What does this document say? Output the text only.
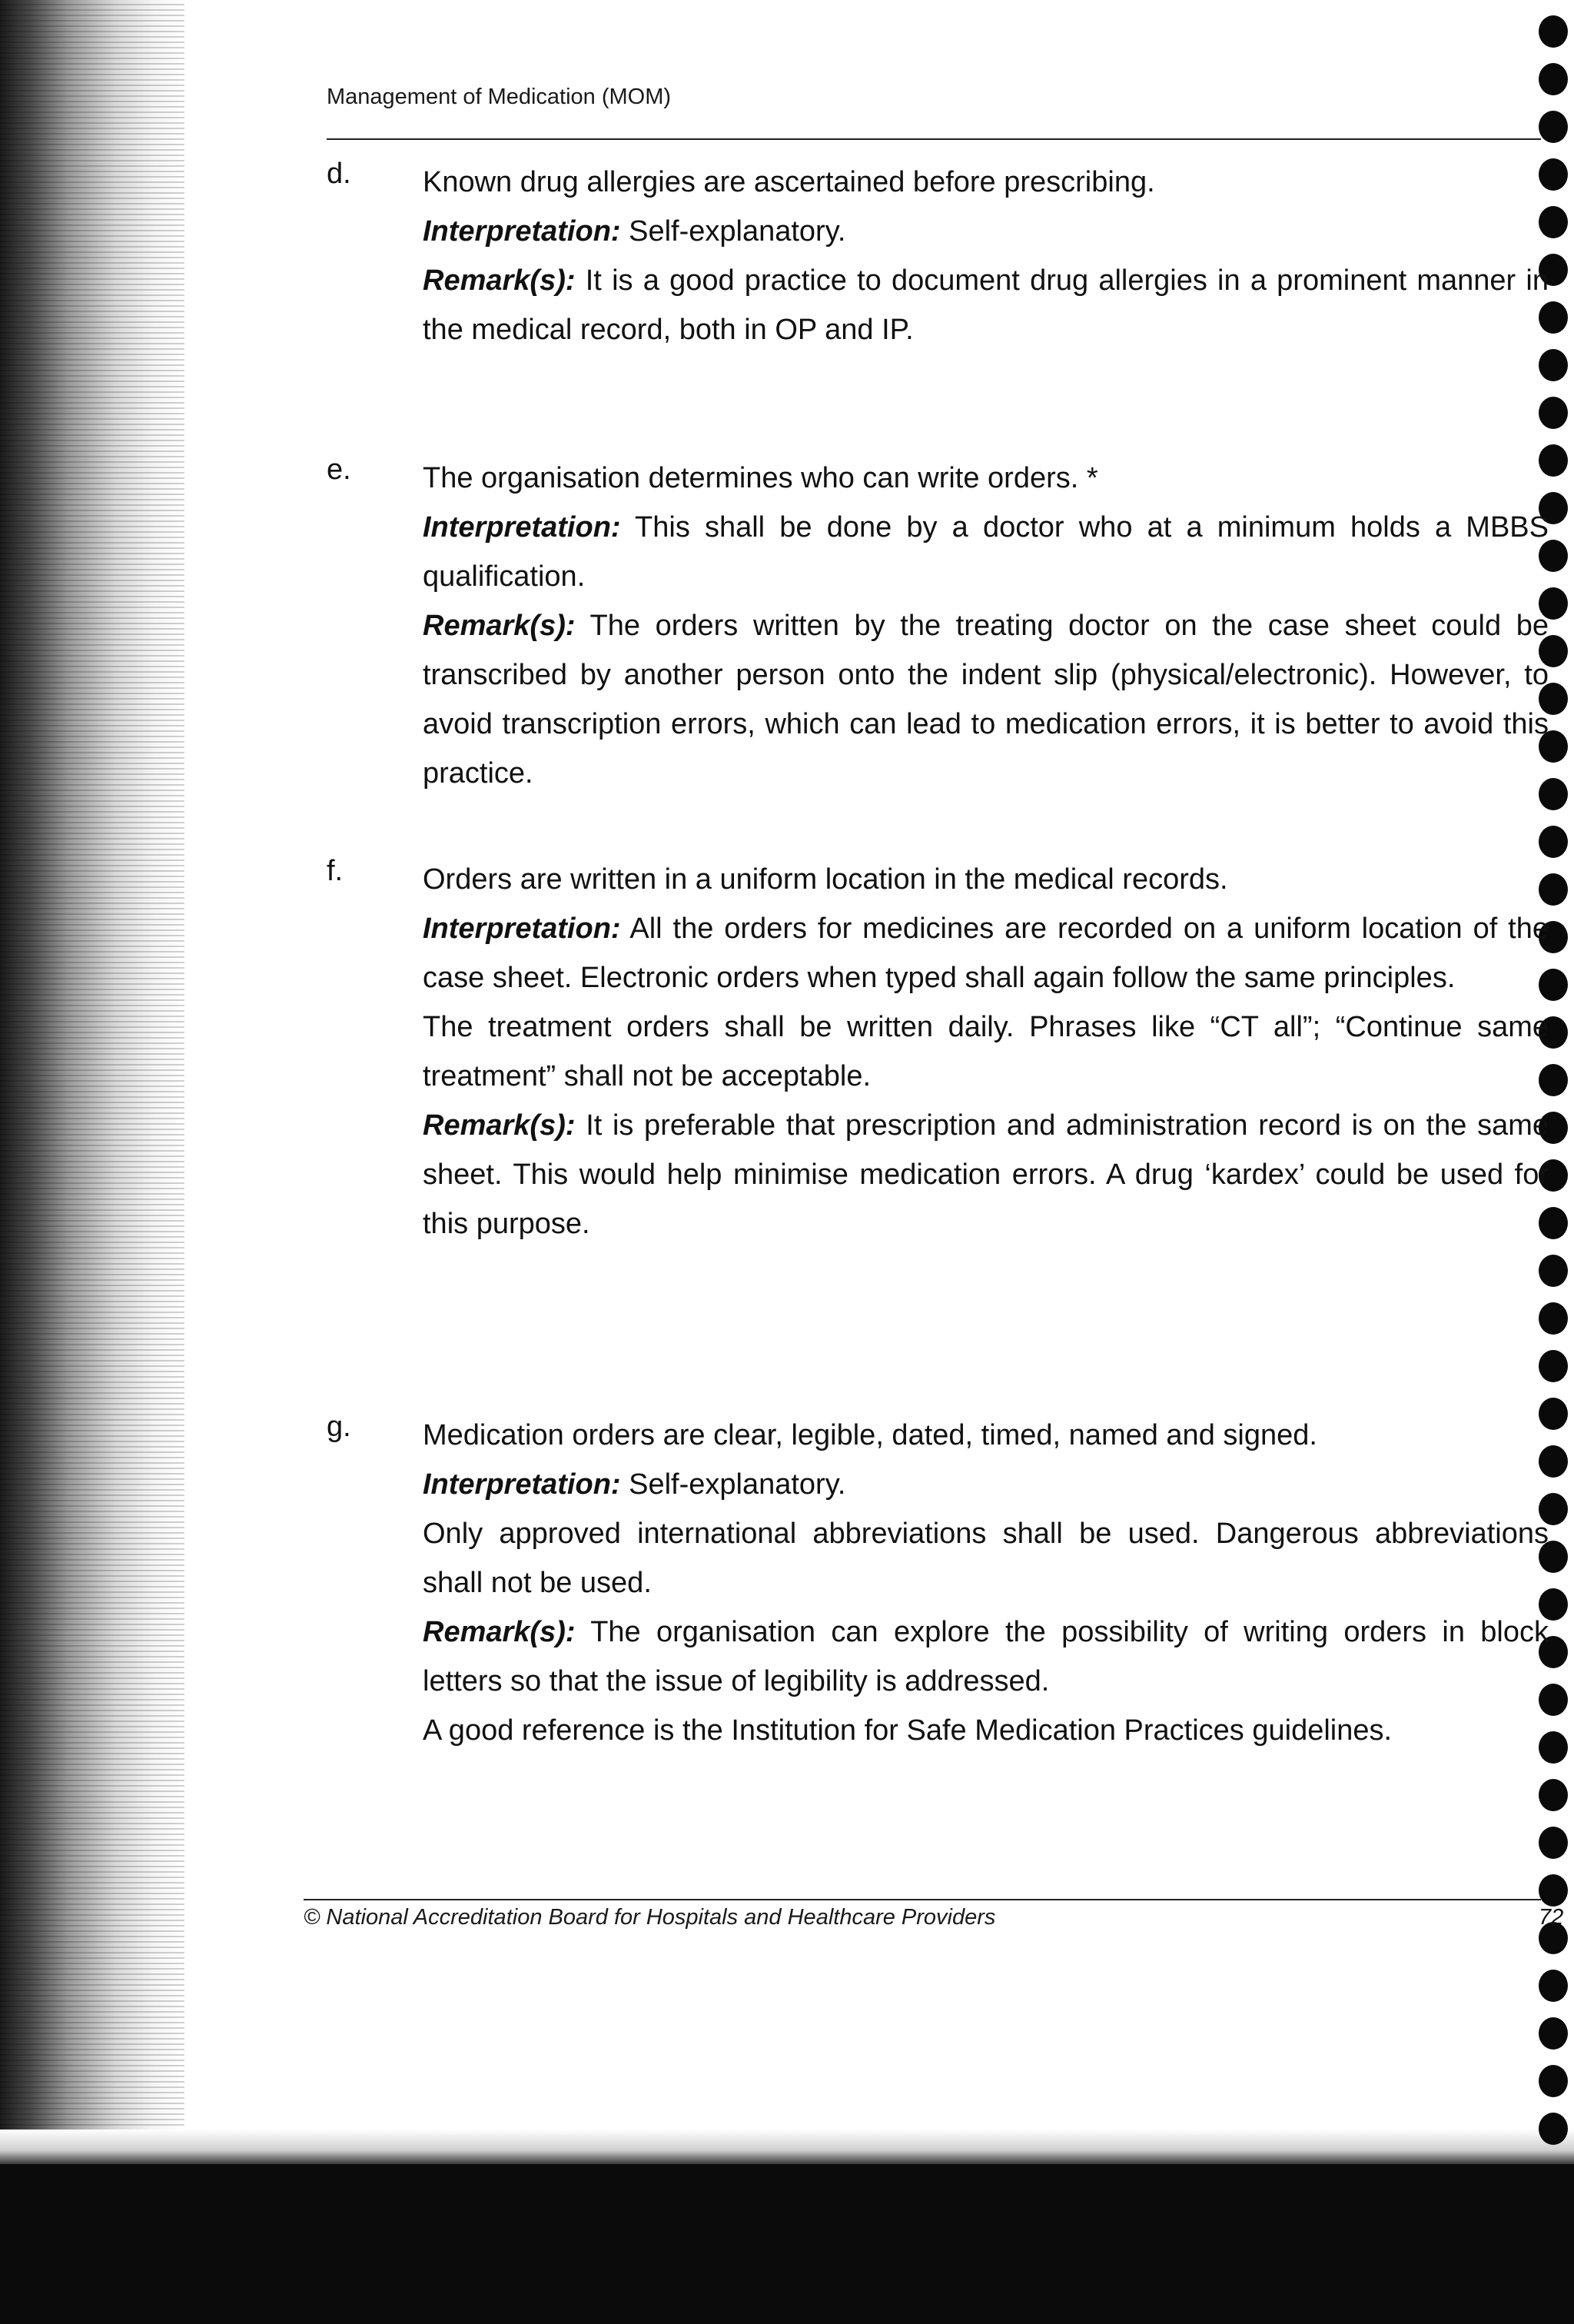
Management of Medication (MOM)
d. Known drug allergies are ascertained before prescribing.

Interpretation: Self-explanatory.

Remark(s): It is a good practice to document drug allergies in a prominent manner in the medical record, both in OP and IP.

e. The organisation determines who can write orders. *

Interpretation: This shall be done by a doctor who at a minimum holds a MBBS qualification.

Remark(s): The orders written by the treating doctor on the case sheet could be transcribed by another person onto the indent slip (physical/electronic). However, to avoid transcription errors, which can lead to medication errors, it is better to avoid this practice.

f.	Orders are written in a uniform location in the medical records.

Interpretation: All the orders for medicines are recorded on a uniform location of the case sheet. Electronic orders when typed shall again follow the same principles.

The treatment orders shall be written daily. Phrases like “CT all”; “Continue same treatment” shall not be acceptable.

Remark(s): It is preferable that prescription and administration record is on the same sheet. This would help minimise medication errors. A drug ‘kardex’ could be used for this purpose.

g. Medication orders are clear, legible, dated, timed, named and signed.

Interpretation: Self-explanatory.

Only approved international abbreviations shall be used. Dangerous abbreviations shall not be used.

Remark(s): The organisation can explore the possibility of writing orders in block letters so that the issue of legibility is addressed.

A good reference is the Institution for Safe Medication Practices guidelines.

© National Accreditation Board for Hospitals and Healthcare Providers	72
